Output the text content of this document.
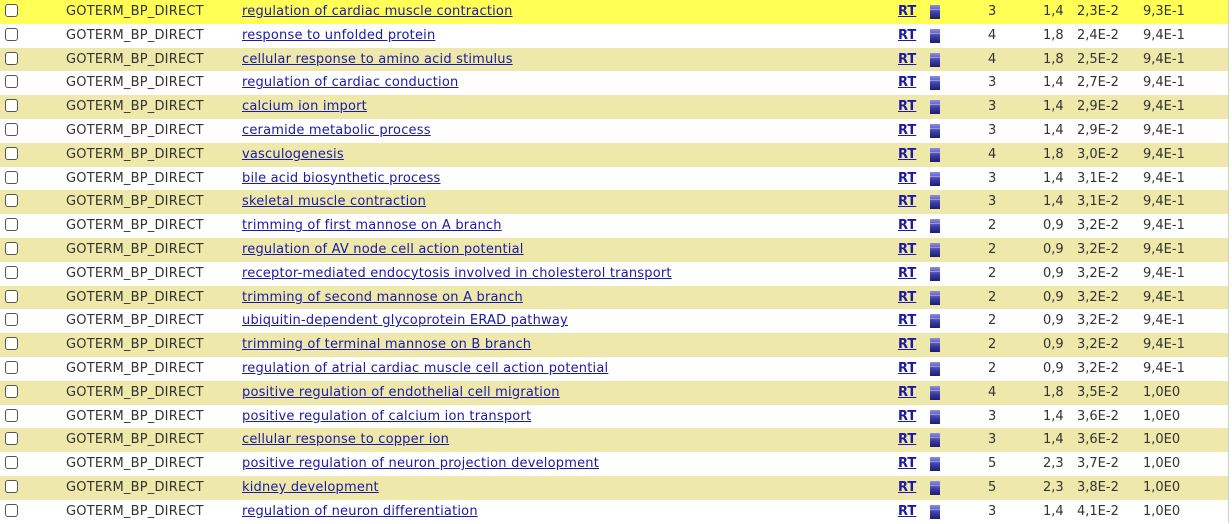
GOTERM_BP_DIRECT	regulation of cardiac muscle contraction	RT	3	1,4 2,3E-2 9,3E-1
GOTERM_BP_DIRECT	response to unfolded protein	RT	4	1,8 2,4E-2 9,4E-1
GOTERM_BP_DIRECT	cellular response to amino acid stimulus	RT	4	1,8 2,5E-2 9,4E-1
GOTERM_BP_DIRECT	regulation of cardiac conduction	RT	3	1,4 2,7E-2 9,4E-1
GOTERM_BP_DIRECT	calcium ion import	RT	3	1,4 2,9E-2 9,4E-1
GOTERM_BP_DIRECT	ceramide metabolic process	RT	3	1,4 2,9E-2 9,4E-1
GOTERM_BP_DIRECT	vasculogenesis	RT	4	1,8 3,0E-2 9,4E-1
GOTERM_BP_DIRECT	bile acid biosynthetic process	RT	3	1,4 3,1E-2 9,4E-1
GOTERM_BP_DIRECT	skeletal muscle contraction	RT	3	1,4 3,1E-2 9,4E-1
GOTERM_BP_DIRECT	trimming of first mannose on A branch	RT	2	0,9 3,2E-2 9,4E-1
GOTERM_BP_DIRECT	regulation of AV node cell action potential	RT	2	0,9 3,2E-2 9,4E-1
GOTERM_BP_DIRECT	receptor-mediated endocytosis involved in cholesterol transport	RT	2	0,9 3,2E-2 9,4E-1
GOTERM_BP_DIRECT	trimming of second mannose on A branch	RT	2	0,9 3,2E-2 9,4E-1
GOTERM_BP_DIRECT	ubiquitin-dependent glycoprotein ERAD pathway	RT	2	0,9 3,2E-2 9,4E-1
GOTERM_BP_DIRECT	trimming of terminal mannose on B branch	RT	2	0,9 3,2E-2 9,4E-1
GOTERM_BP_DIRECT	regulation of atrial cardiac muscle cell action potential	RT	2	0,9 3,2E-2 9,4E-1
GOTERM_BP_DIRECT	positive regulation of endothelial cell migration	RT	4	1,8 3,5E-2 1,0E0
GOTERM_BP_DIRECT	positive regulation of calcium ion transport	RT	3	1,4 3,6E-2 1,0E0
GOTERM_BP_DIRECT	cellular response to copper ion	RT	3	1,4 3,6E-2 1,0E0
GOTERM_BP_DIRECT	positive regulation of neuron projection development	RT	5	2,3 3,7E-2 1,0E0
GOTERM_BP_DIRECT	kidney development	RT	5	2,3 3,8E-2 1,0E0
GOTERM_BP_DIRECT	regulation of neuron differentiation	RT	3	1,4 4,1E-2 1,0E0
